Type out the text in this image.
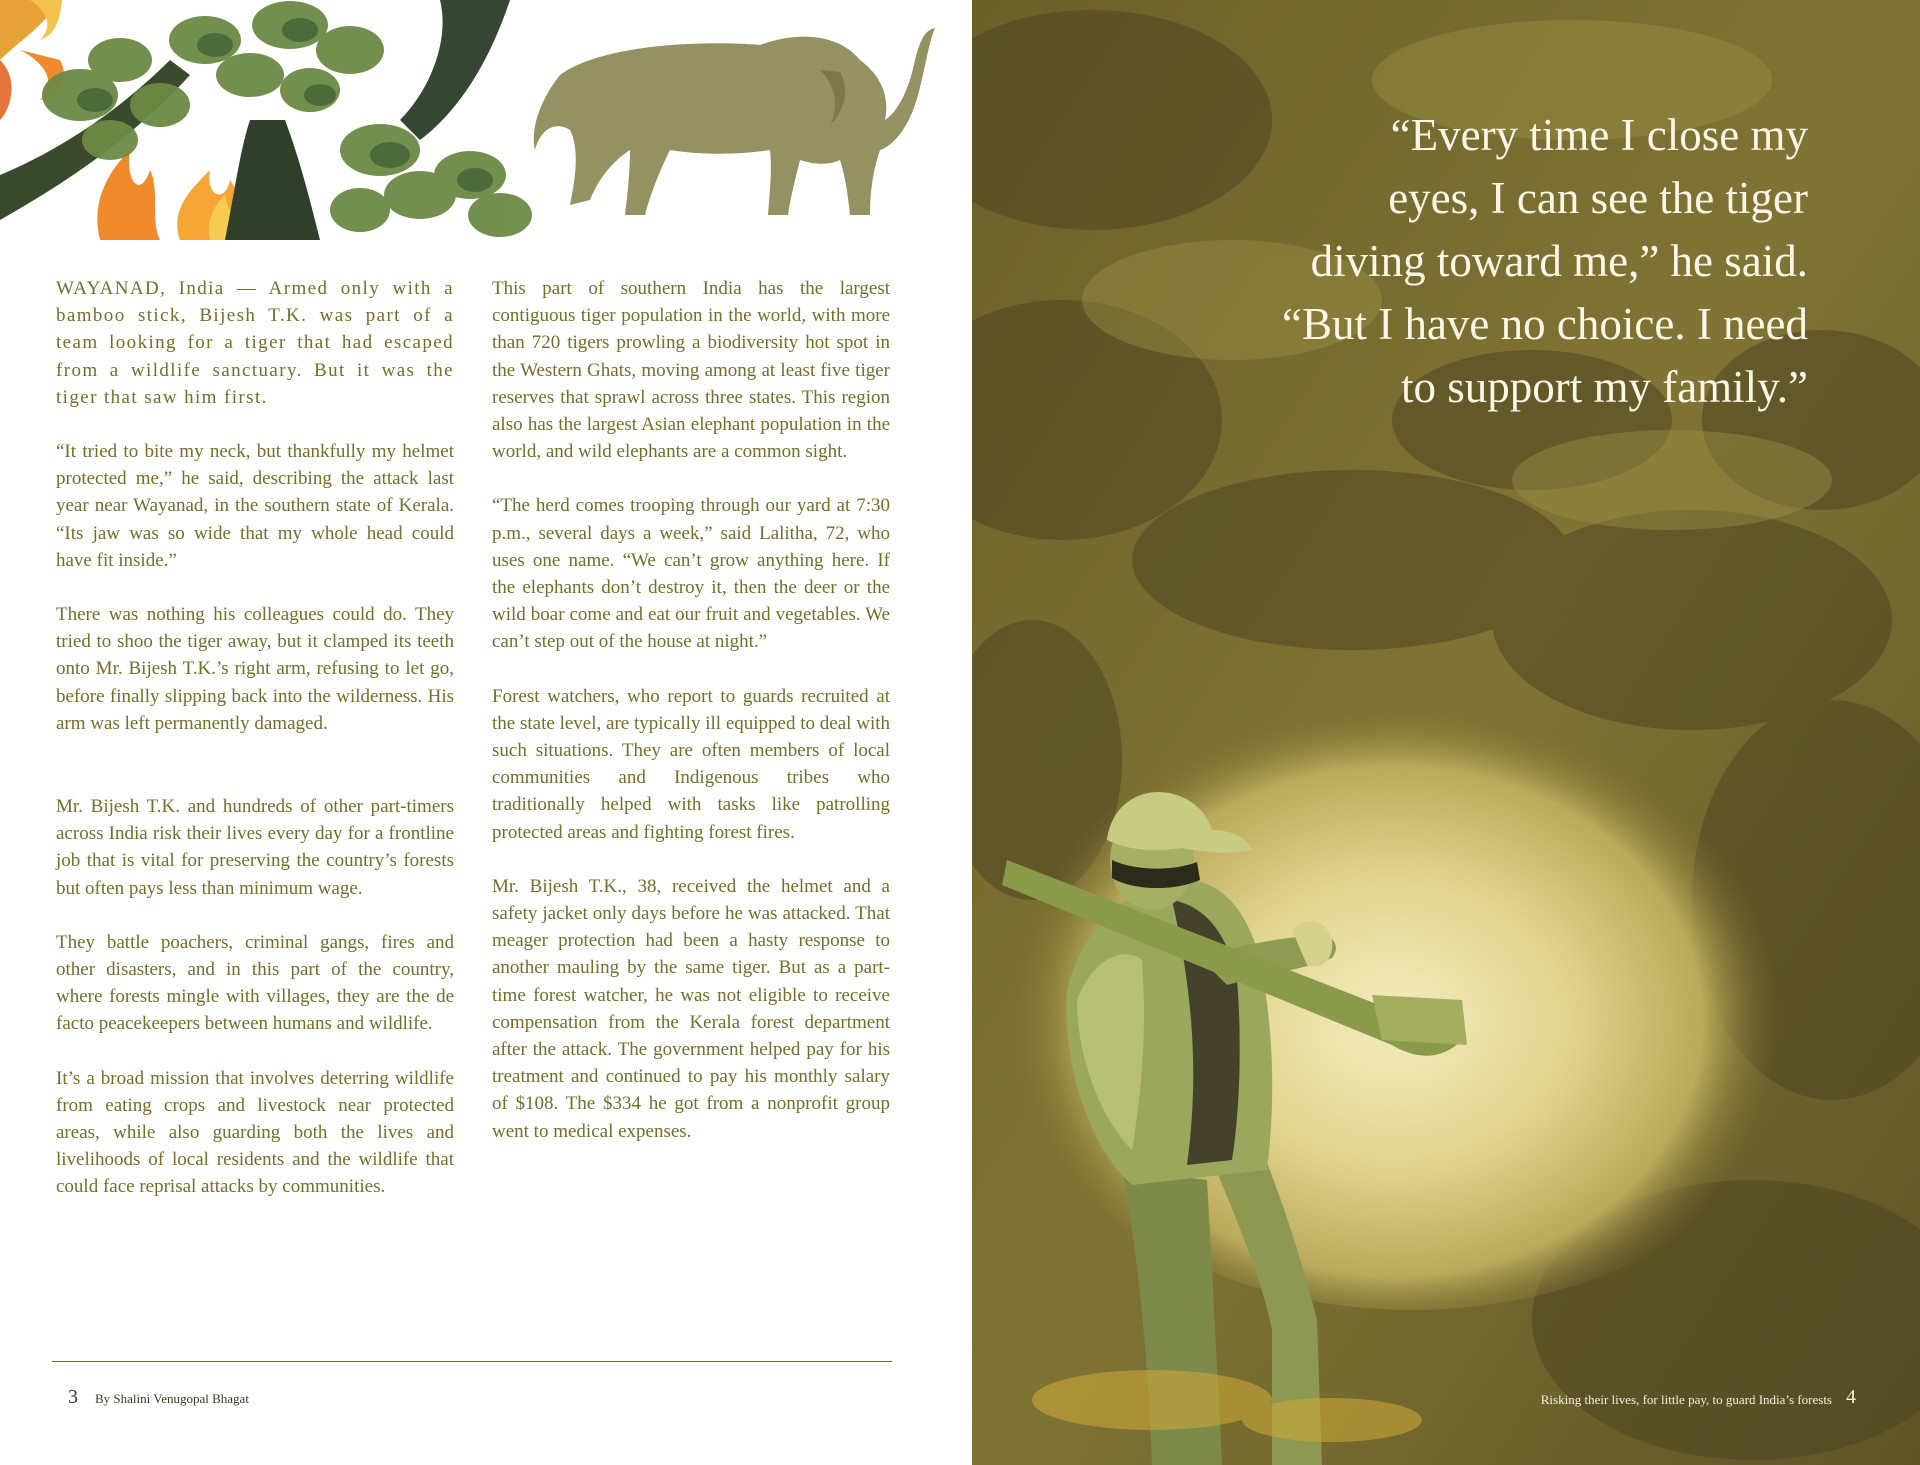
WAYANAD, India — Armed only with a bamboo stick, Bijesh T.K. was part of a team looking for a tiger that had escaped from a wildlife sanctuary. But it was the tiger that saw him first.

“It tried to bite my neck, but thankfully my helmet protected me,” he said, describing the attack last year near Wayanad, in the southern state of Kerala. “Its jaw was so wide that my whole head could have fit inside.”

There was nothing his colleagues could do. They tried to shoo the tiger away, but it clamped its teeth onto Mr. Bijesh T.K.’s right arm, refusing to let go, before finally slipping back into the wilderness. His arm was left permanently damaged.

Mr. Bijesh T.K. and hundreds of other part-timers across India risk their lives every day for a frontline job that is vital for preserving the country’s forests but often pays less than minimum wage.

They battle poachers, criminal gangs, fires and other disasters, and in this part of the country, where forests mingle with villages, they are the de facto peacekeepers between humans and wildlife.

It’s a broad mission that involves deterring wildlife from eating crops and livestock near protected areas, while also guarding both the lives and livelihoods of local residents and the wildlife that could face reprisal attacks by communities.

This part of southern India has the largest contiguous tiger population in the world, with more than 720 tigers prowling a biodiversity hot spot in the Western Ghats, moving among at least five tiger reserves that sprawl across three states. This region also has the largest Asian elephant population in the world, and wild elephants are a common sight.

“The herd comes trooping through our yard at 7:30 p.m., several days a week,” said Lalitha, 72, who uses one name. “We can’t grow anything here. If the elephants don’t destroy it, then the deer or the wild boar come and eat our fruit and vegetables. We can’t step out of the house at night.”

Forest watchers, who report to guards recruited at the state level, are typically ill equipped to deal with such situations. They are often members of local communities and Indigenous tribes who traditionally helped with tasks like patrolling protected areas and fighting forest fires.

Mr. Bijesh T.K., 38, received the helmet and a safety jacket only days before he was attacked. That meager protection had been a hasty response to another mauling by the same tiger. But as a part-time forest watcher, he was not eligible to receive compensation from the Kerala forest department after the attack. The government helped pay for his treatment and continued to pay his monthly salary of $108. The $334 he got from a nonprofit group went to medical expenses.

3 By Shalini Venugopal Bhagat
“Every time I close my
eyes, I can see the tiger
diving toward me,” he said.
“But I have no choice. I need
to support my family.”
Risking their lives, for little pay, to guard India’s forests 4
